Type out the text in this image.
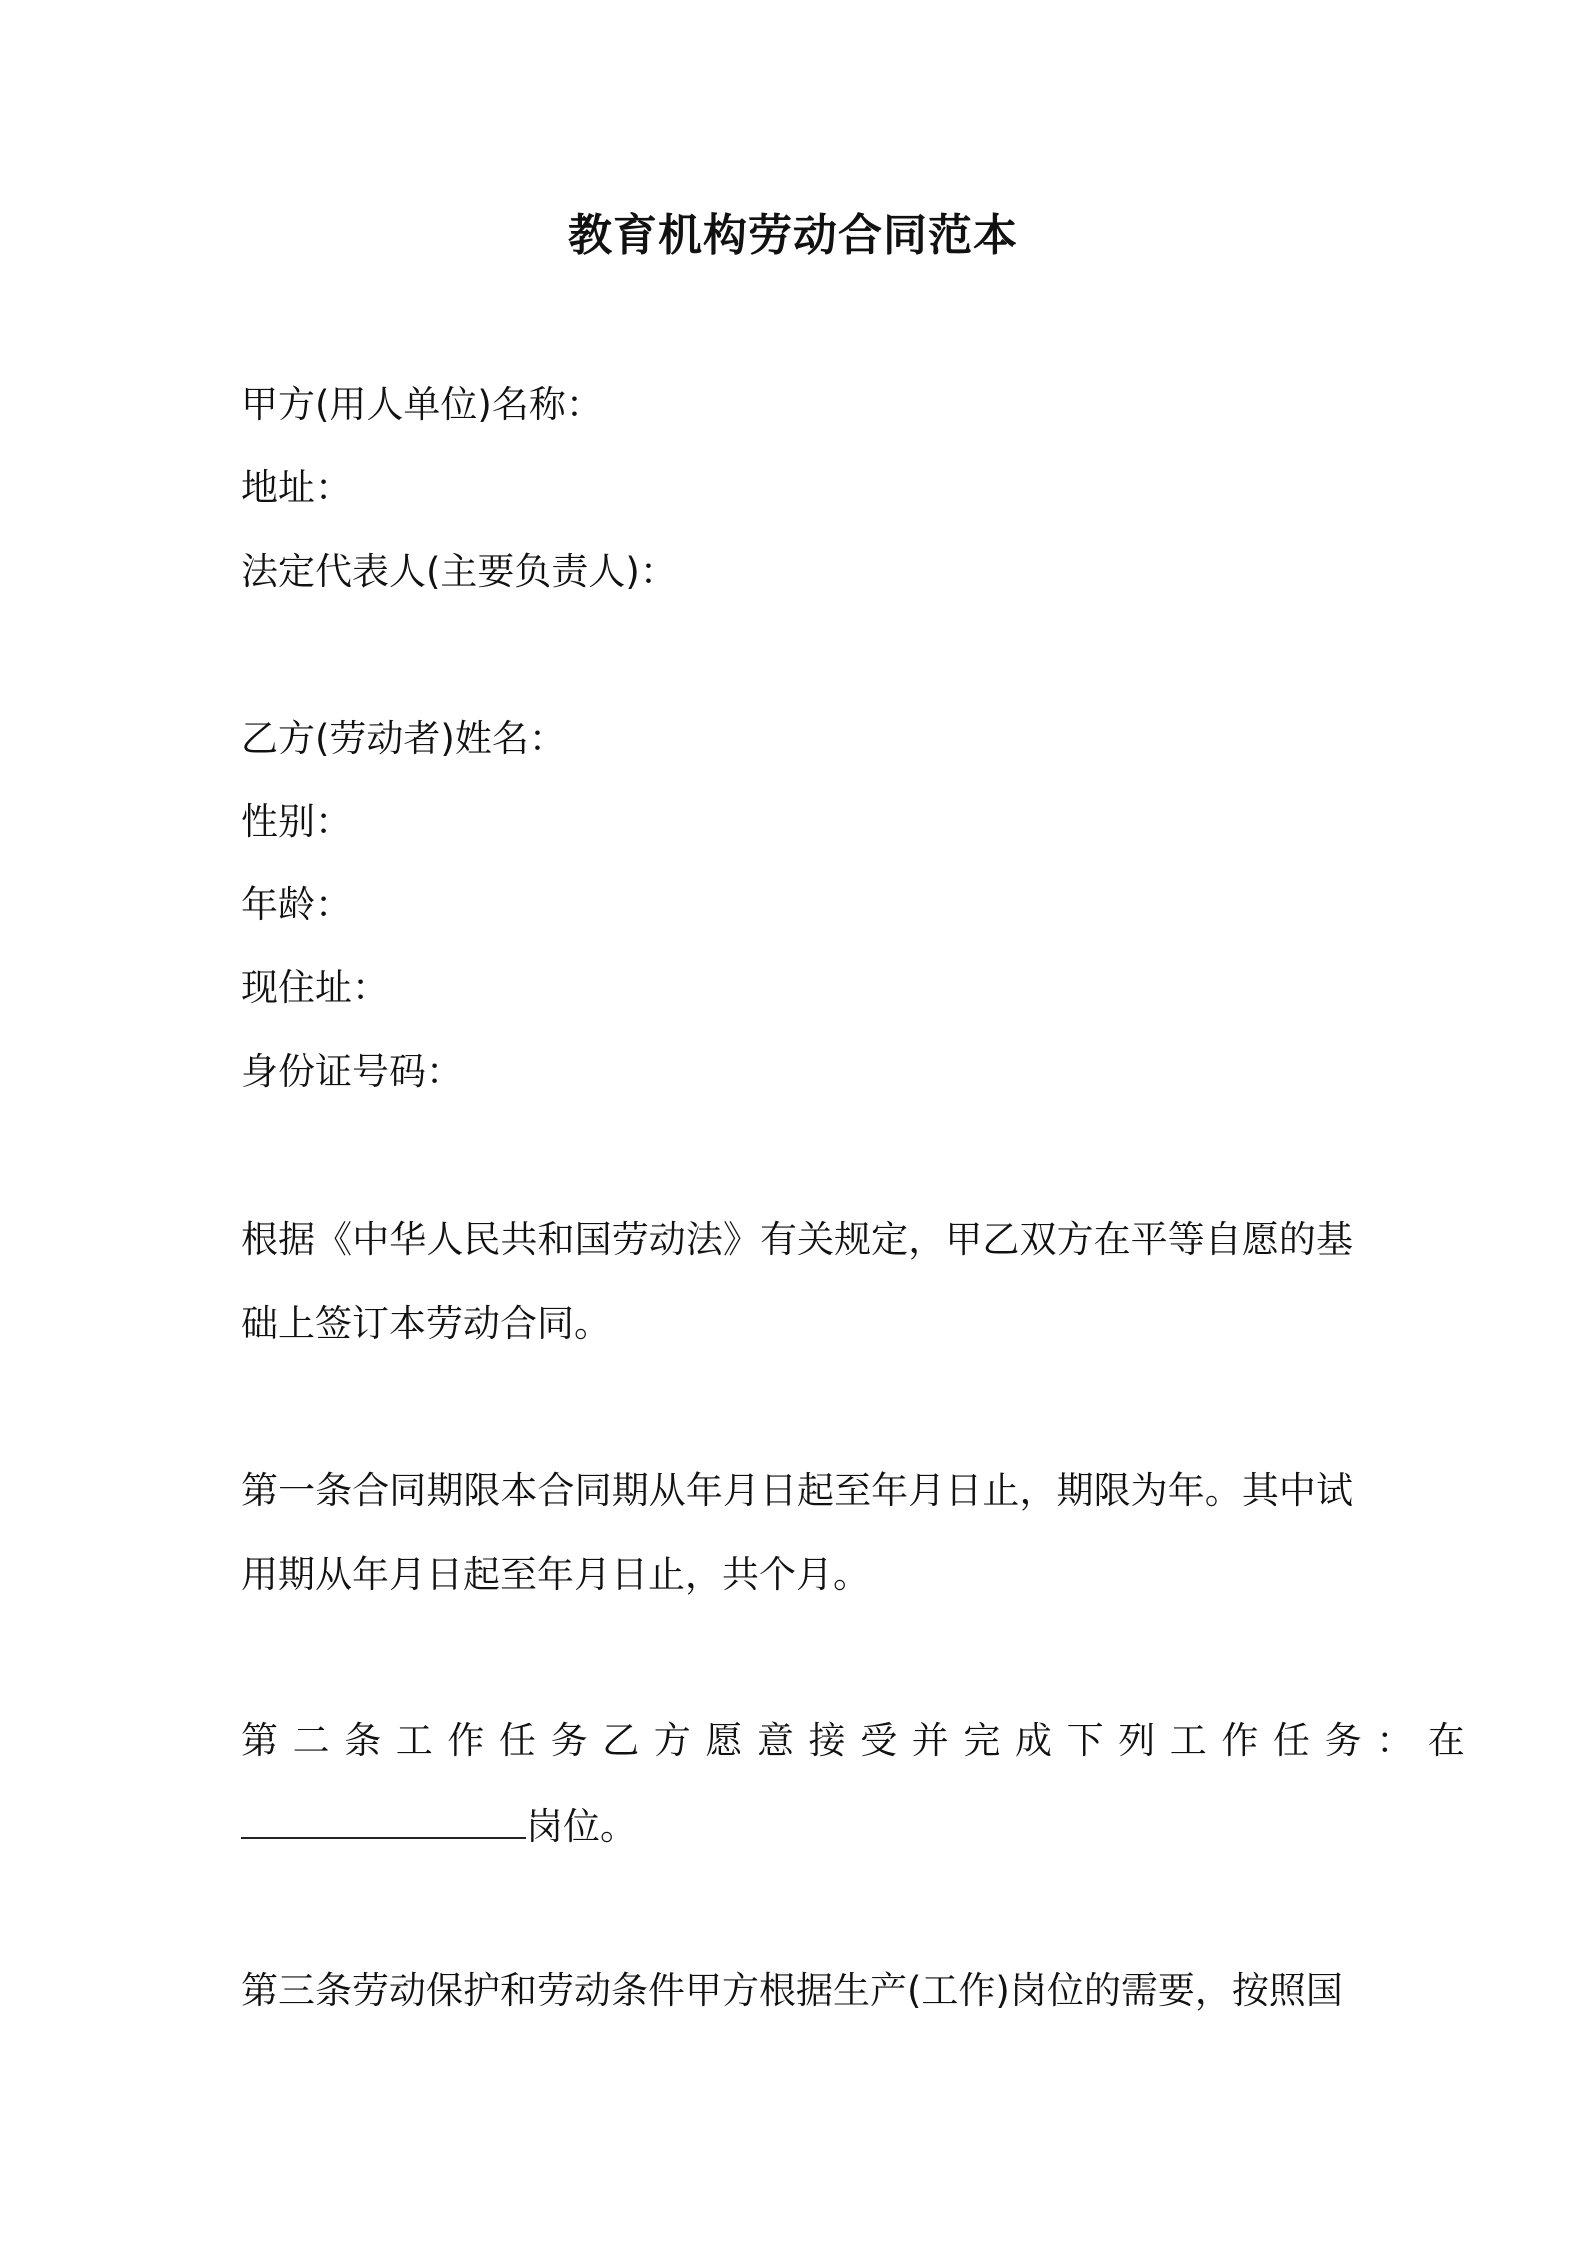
教育机构劳动合同范本
甲方(用人单位)名称：
地址：
法定代表人(主要负责人)：
乙方(劳动者)姓名：
性别：
年龄：
现住址：
身份证号码：
根据《中华人民共和国劳动法》有关规定，甲乙双方在平等自愿的基础上签订本劳动合同。
第一条合同期限本合同期从年月日起至年月日止，期限为年。其中试用期从年月日起至年月日止，共个月。
第二条工作任务乙方愿意接受并完成下列工作任务：在
岗位。
第三条劳动保护和劳动条件甲方根据生产(工作)岗位的需要，按照国
